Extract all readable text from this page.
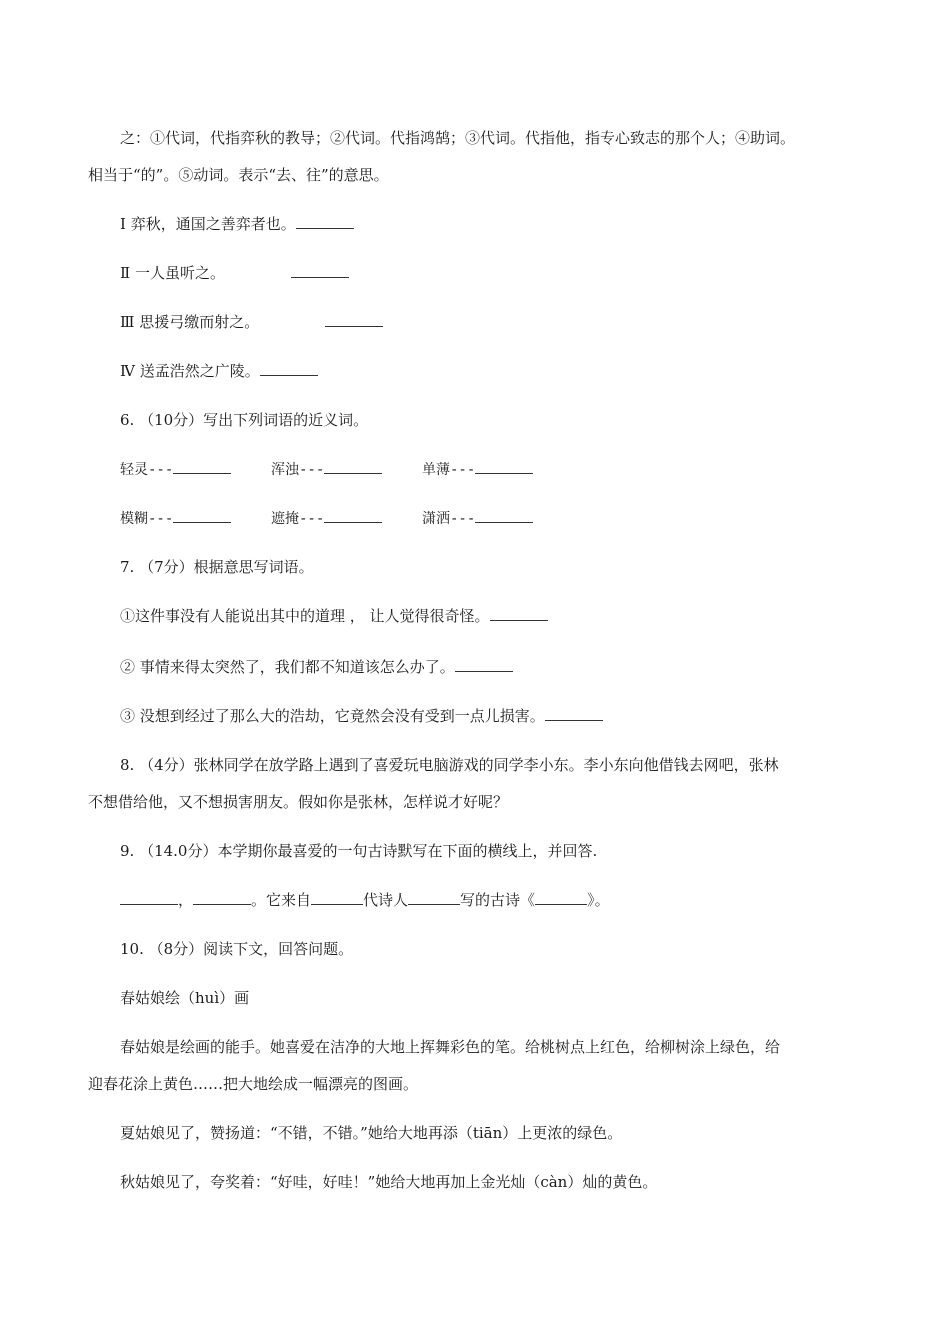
之：①代词，代指弈秋的教导；②代词。代指鸿鹄；③代词。代指他，指专心致志的那个人；④助词。
相当于“的”。⑤动词。表示“去、往”的意思。
Ⅰ 弈秋，通国之善弈者也。
Ⅱ 一人虽听之。
Ⅲ 思援弓缴而射之。
Ⅳ 送孟浩然之广陵。
6. （10分）写出下列词语的近义词。
轻灵---	浑浊---	单薄---
模糊---	遮掩---	潇洒---
7. （7分）根据意思写词语。
①这件事没有人能说出其中的道理 ， 让人觉得很奇怪。
② 事情来得太突然了，我们都不知道该怎么办了。
③ 没想到经过了那么大的浩劫，它竟然会没有受到一点儿损害。
8. （4分）张林同学在放学路上遇到了喜爱玩电脑游戏的同学李小东。李小东向他借钱去网吧，张林
不想借给他，又不想损害朋友。假如你是张林，怎样说才好呢？
9. （14.0分）本学期你最喜爱的一句古诗默写在下面的横线上，并回答.
，	。它来自	代诗人	写的古诗《	》。
10. （8分）阅读下文，回答问题。
春姑娘绘（huì）画
春姑娘是绘画的能手。她喜爱在洁净的大地上挥舞彩色的笔。给桃树点上红色，给柳树涂上绿色，给
迎春花涂上黄色……把大地绘成一幅漂亮的图画。
夏姑娘见了，赞扬道：“不错，不错。”她给大地再添（tiān）上更浓的绿色。
秋姑娘见了，夸奖着：“好哇，好哇！”她给大地再加上金光灿（càn）灿的黄色。
